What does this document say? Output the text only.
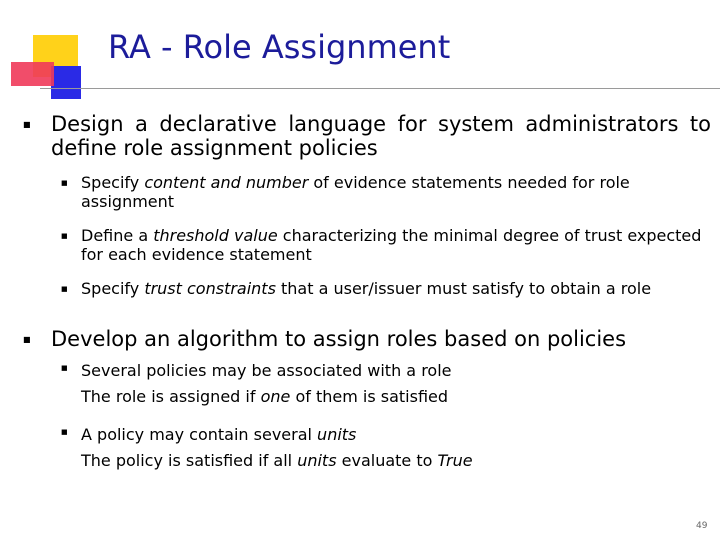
RA - Role Assignment
■ Design a declarative language for system administrators to define role assignment policies

■ Specify content and number of evidence statements needed for role assignment

■ Define a threshold value characterizing the minimal degree of trust expected for each evidence statement

■ Specify trust constraints that a user/issuer must satisfy to obtain a role

■ Develop an algorithm to assign roles based on policies

■ Several policies may be associated with a role
The role is assigned if one of them is satisfied

■ A policy may contain several units
The policy is satisfied if all units evaluate to True

49
